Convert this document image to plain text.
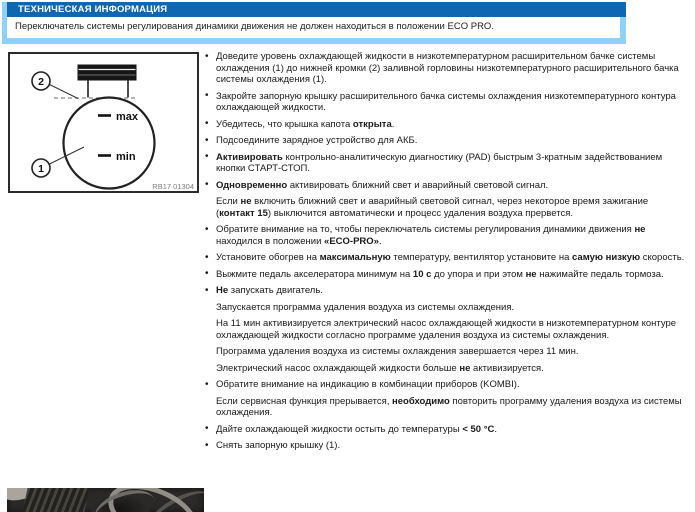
ТЕХНИЧЕСКАЯ ИНФОРМАЦИЯ
Переключатель системы регулирования динамики движения не должен находиться в положении ECO PRO.
max
min
2
1
RB17 01304
• Доведите уровень охлаждающей жидкости в низкотемпературном расширительном бачке системы охлаждения (1) до нижней кромки (2) заливной горловины низкотемпературного расширительного бачка системы охлаждения (1).
• Закройте запорную крышку расширительного бачка системы охлаждения низкотемпературного контура охлаждающей жидкости.
• Убедитесь, что крышка капота открыта.
• Подсоедините зарядное устройство для АКБ.
• Активировать контрольно-аналитическую диагностику (PAD) быстрым 3-кратным задействованием кнопки СТАРТ-СТОП.
• Одновременно активировать ближний свет и аварийный световой сигнал.
Если не включить ближний свет и аварийный световой сигнал, через некоторое время зажигание (контакт 15) выключится автоматически и процесс удаления воздуха прервется.
• Обратите внимание на то, чтобы переключатель системы регулирования динамики движения не находился в положении «ECO-PRO».
• Установите обогрев на максимальную температуру, вентилятор установите на самую низкую скорость.
• Выжмите педаль акселератора минимум на 10 с до упора и при этом не нажимайте педаль тормоза.
• Не запускать двигатель.
Запускается программа удаления воздуха из системы охлаждения.
На 11 мин активизируется электрический насос охлаждающей жидкости в низкотемпературном контуре охлаждающей жидкости согласно программе удаления воздуха из системы охлаждения.
Программа удаления воздуха из системы охлаждения завершается через 11 мин.
Электрический насос охлаждающей жидкости больше не активизируется.
• Обратите внимание на индикацию в комбинации приборов (KOMBI).
Если сервисная функция прерывается, необходимо повторить программу удаления воздуха из системы охлаждения.
• Дайте охлаждающей жидкости остыть до температуры < 50 °C.
• Снять запорную крышку (1).
